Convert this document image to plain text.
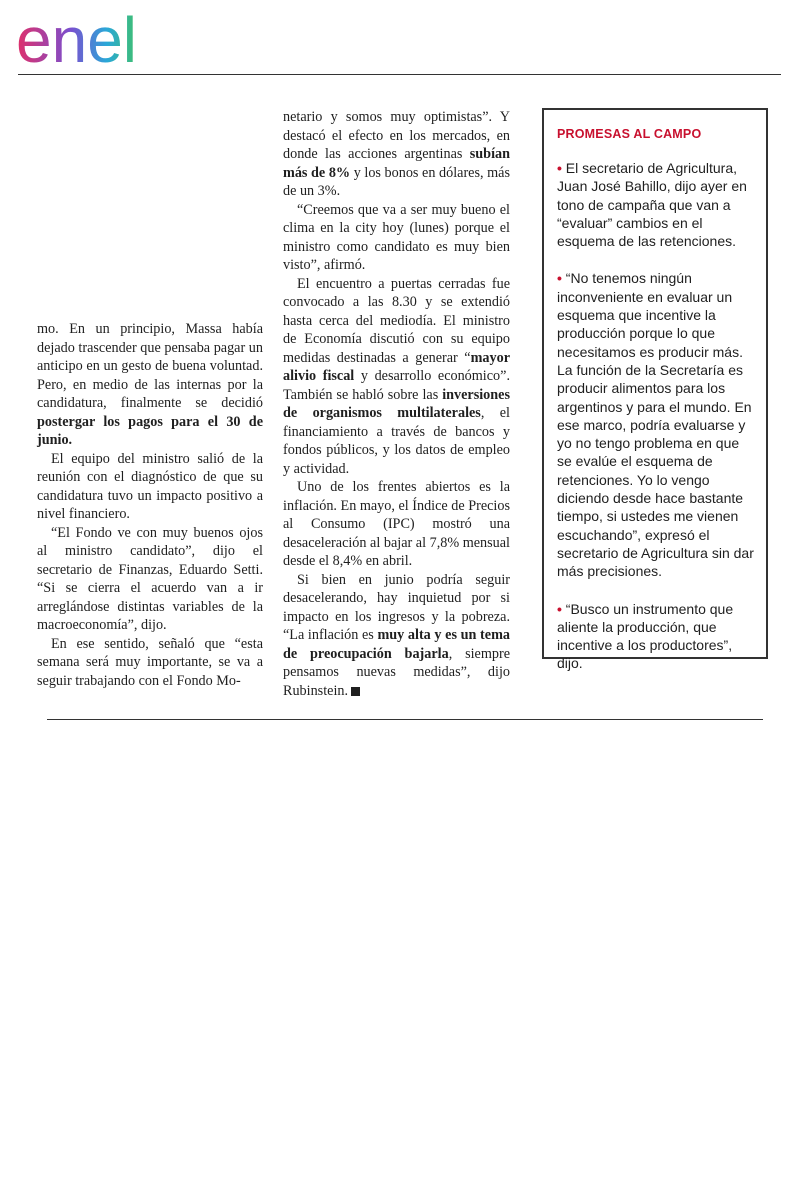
enel

mo. En un principio, Massa había dejado trascender que pensaba pagar un anticipo en un gesto de buena voluntad. Pero, en medio de las internas por la candidatura, finalmente se decidió postergar los pagos para el 30 de junio.

El equipo del ministro salió de la reunión con el diagnóstico de que su candidatura tuvo un impacto positivo a nivel financiero.

“El Fondo ve con muy buenos ojos al ministro candidato”, dijo el secretario de Finanzas, Eduardo Setti. “Si se cierra el acuerdo van a ir arreglándose distintas variables de la macroeconomía”, dijo.

En ese sentido, señaló que “esta semana será muy importante, se va a seguir trabajando con el Fondo Mo-

netario y somos muy optimistas”. Y destacó el efecto en los mercados, en donde las acciones argentinas subían más de 8% y los bonos en dólares, más de un 3%.

“Creemos que va a ser muy bueno el clima en la city hoy (lunes) porque el ministro como candidato es muy bien visto”, afirmó.

El encuentro a puertas cerradas fue convocado a las 8.30 y se extendió hasta cerca del mediodía. El ministro de Economía discutió con su equipo medidas destinadas a generar “mayor alivio fiscal y desarrollo económico”. También se habló sobre las inversiones de organismos multilaterales, el financiamiento a través de bancos y fondos públicos, y los datos de empleo y actividad.

Uno de los frentes abiertos es la inflación. En mayo, el Índice de Precios al Consumo (IPC) mostró una desaceleración al bajar al 7,8% mensual desde el 8,4% en abril.

Si bien en junio podría seguir desacelerando, hay inquietud por si impacto en los ingresos y la pobreza. “La inflación es muy alta y es un tema de preocupación bajarla, siempre pensamos nuevas medidas”, dijo Rubinstein.

PROMESAS AL CAMPO

• El secretario de Agricultura, Juan José Bahillo, dijo ayer en tono de campaña que van a “evaluar” cambios en el esquema de las retenciones.

• “No tenemos ningún inconveniente en evaluar un esquema que incentive la producción porque lo que necesitamos es producir más. La función de la Secretaría es producir alimentos para los argentinos y para el mundo. En ese marco, podría evaluarse y yo no tengo problema en que se evalúe el esquema de retenciones. Yo lo vengo diciendo desde hace bastante tiempo, si ustedes me vienen escuchando”, expresó el secretario de Agricultura sin dar más precisiones.

• “Busco un instrumento que aliente la producción, que incentive a los productores”, dijo.
